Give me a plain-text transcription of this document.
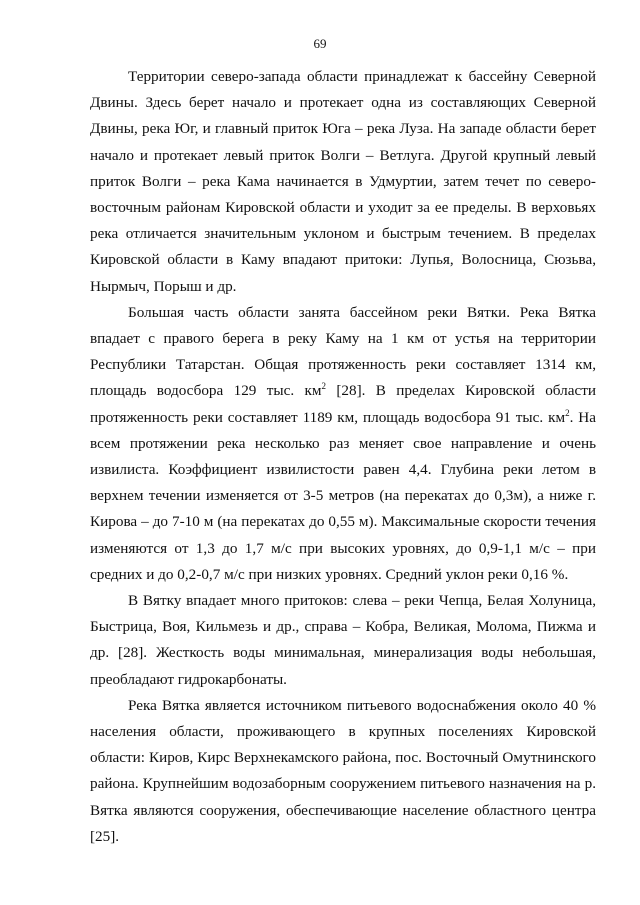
69

Территории северо-запада области принадлежат к бассейну Северной Двины. Здесь берет начало и протекает одна из составляющих Северной Двины, река Юг, и главный приток Юга – река Луза. На западе области берет начало и протекает левый приток Волги – Ветлуга. Другой крупный левый приток Волги – река Кама начинается в Удмуртии, затем течет по северо-восточным районам Кировской области и уходит за ее пределы. В верховьях река отличается значительным уклоном и быстрым течением. В пределах Кировской области в Каму впадают притоки: Лупья, Волосница, Сюзьва, Нырмыч, Порыш и др.

Большая часть области занята бассейном реки Вятки. Река Вятка впадает с правого берега в реку Каму на 1 км от устья на территории Республики Татарстан. Общая протяженность реки составляет 1314 км, площадь водосбора 129 тыс. $км^2$ [28]. В пределах Кировской области протяженность реки составляет 1189 км, площадь водосбора 91 тыс. $км^2$. На всем протяжении река несколько раз меняет свое направление и очень извилиста. Коэффициент извилистости равен 4,4. Глубина реки летом в верхнем течении изменяется от 3-5 метров (на перекатах до 0,3м), а ниже г. Кирова – до 7-10 м (на перекатах до 0,55 м). Максимальные скорости течения изменяются от 1,3 до 1,7 м/с при высоких уровнях, до 0,9-1,1 м/с – при средних и до 0,2-0,7 м/с при низких уровнях. Средний уклон реки 0,16 %.

В Вятку впадает много притоков: слева – реки Чепца, Белая Холуница, Быстрица, Воя, Кильмезь и др., справа – Кобра, Великая, Молома, Пижма и др. [28]. Жесткость воды минимальная, минерализация воды небольшая, преобладают гидрокарбонаты.

Река Вятка является источником питьевого водоснабжения около 40 % населения области, проживающего в крупных поселениях Кировской области: Киров, Кирс Верхнекамского района, пос. Восточный Омутнинского района. Крупнейшим водозаборным сооружением питьевого назначения на р. Вятка являются сооружения, обеспечивающие население областного центра [25].
